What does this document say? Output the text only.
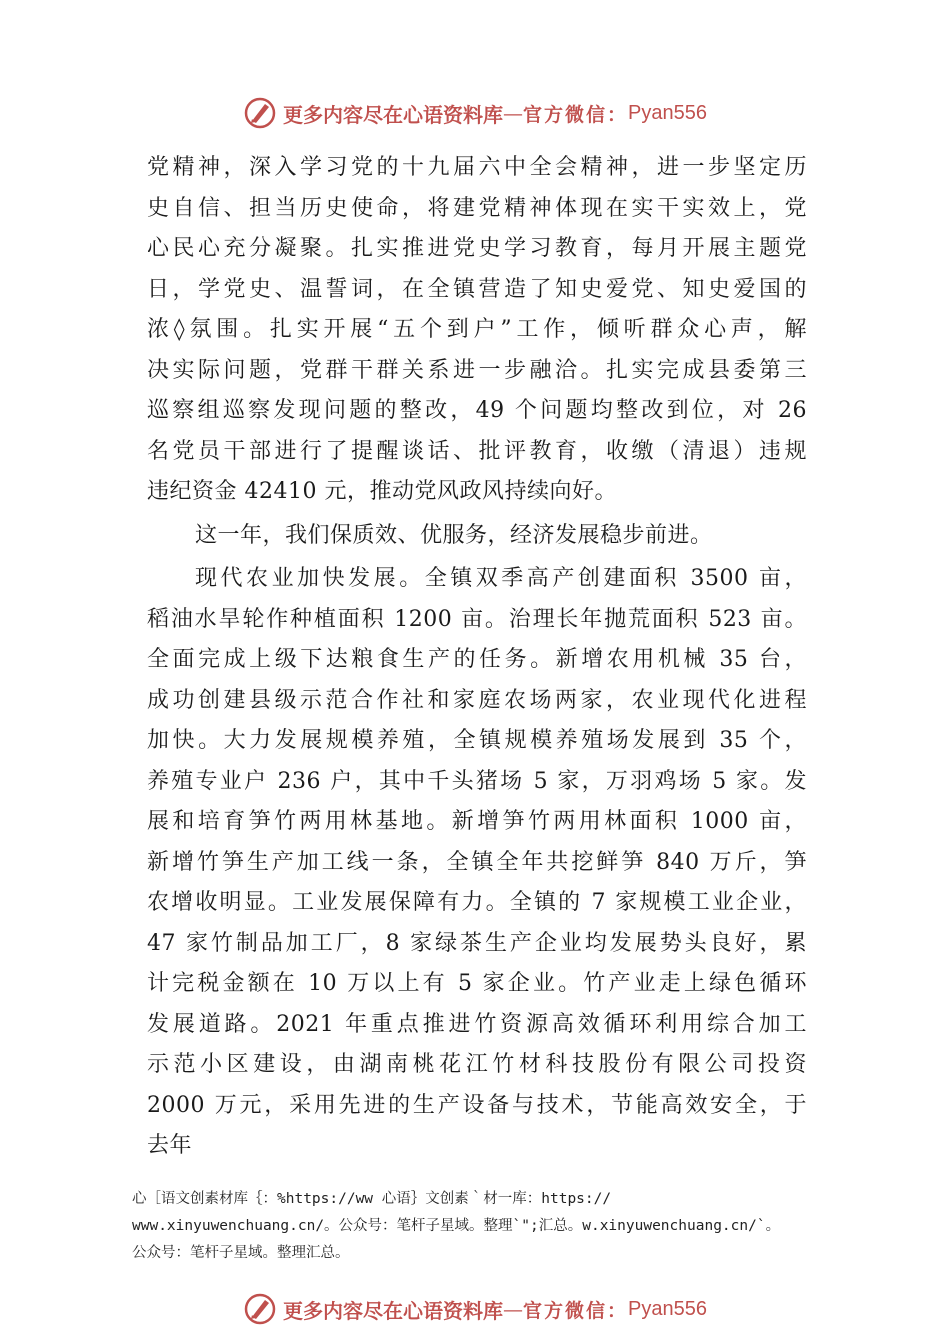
更多内容尽在心语资料库 — 官方微信： Pyan556
党精神，深入学习党的十九届六中全会精神，进一步坚定历
史自信、担当历史使命，将建党精神体现在实干实效上，党
心民心充分凝聚。扎实推进党史学习教育，每月开展主题党
日，学党史、温誓词，在全镇营造了知史爱党、知史爱国的
浓◊氛围。扎实开展“五个到户”工作，倾听群众心声，解
决实际问题，党群干群关系进一步融洽。扎实完成县委第三
巡察组巡察发现问题的整改，49 个问题均整改到位，对 26
名党员干部进行了提醒谈话、批评教育，收缴（清退）违规
违纪资金 42410 元，推动党风政风持续向好。
这一年，我们保质效、优服务，经济发展稳步前进。
现代农业加快发展。全镇双季高产创建面积 3500 亩，
稻油水旱轮作种植面积 1200 亩。治理长年抛荒面积 523 亩。
全面完成上级下达粮食生产的任务。新增农用机械 35 台，
成功创建县级示范合作社和家庭农场两家，农业现代化进程
加快。大力发展规模养殖，全镇规模养殖场发展到 35 个，
养殖专业户 236 户，其中千头猪场 5 家，万羽鸡场 5 家。发
展和培育笋竹两用林基地。新增笋竹两用林面积 1000 亩，
新增竹笋生产加工线一条，全镇全年共挖鲜笋 840 万斤，笋
农增收明显。工业发展保障有力。全镇的 7 家规模工业企业，
47 家竹制品加工厂，8 家绿茶生产企业均发展势头良好，累
计完税金额在 10 万以上有 5 家企业。竹产业走上绿色循环
发展道路。2021 年重点推进竹资源高效循环利用综合加工
示范小区建设，由湖南桃花江竹材科技股份有限公司投资
2000 万元，采用先进的生产设备与技术，节能高效安全，于
去年
心［语文创素材库｛：%https://ww 心语｝文创素｀材一库：https://
www.xinyuwenchuang.cn/。公众号：笔杆子星域。整理`";汇总。w.xinyuwenchuang.cn/`。
公众号：笔杆子星域。整理汇总。
更多内容尽在心语资料库 — 官方微信： Pyan556
